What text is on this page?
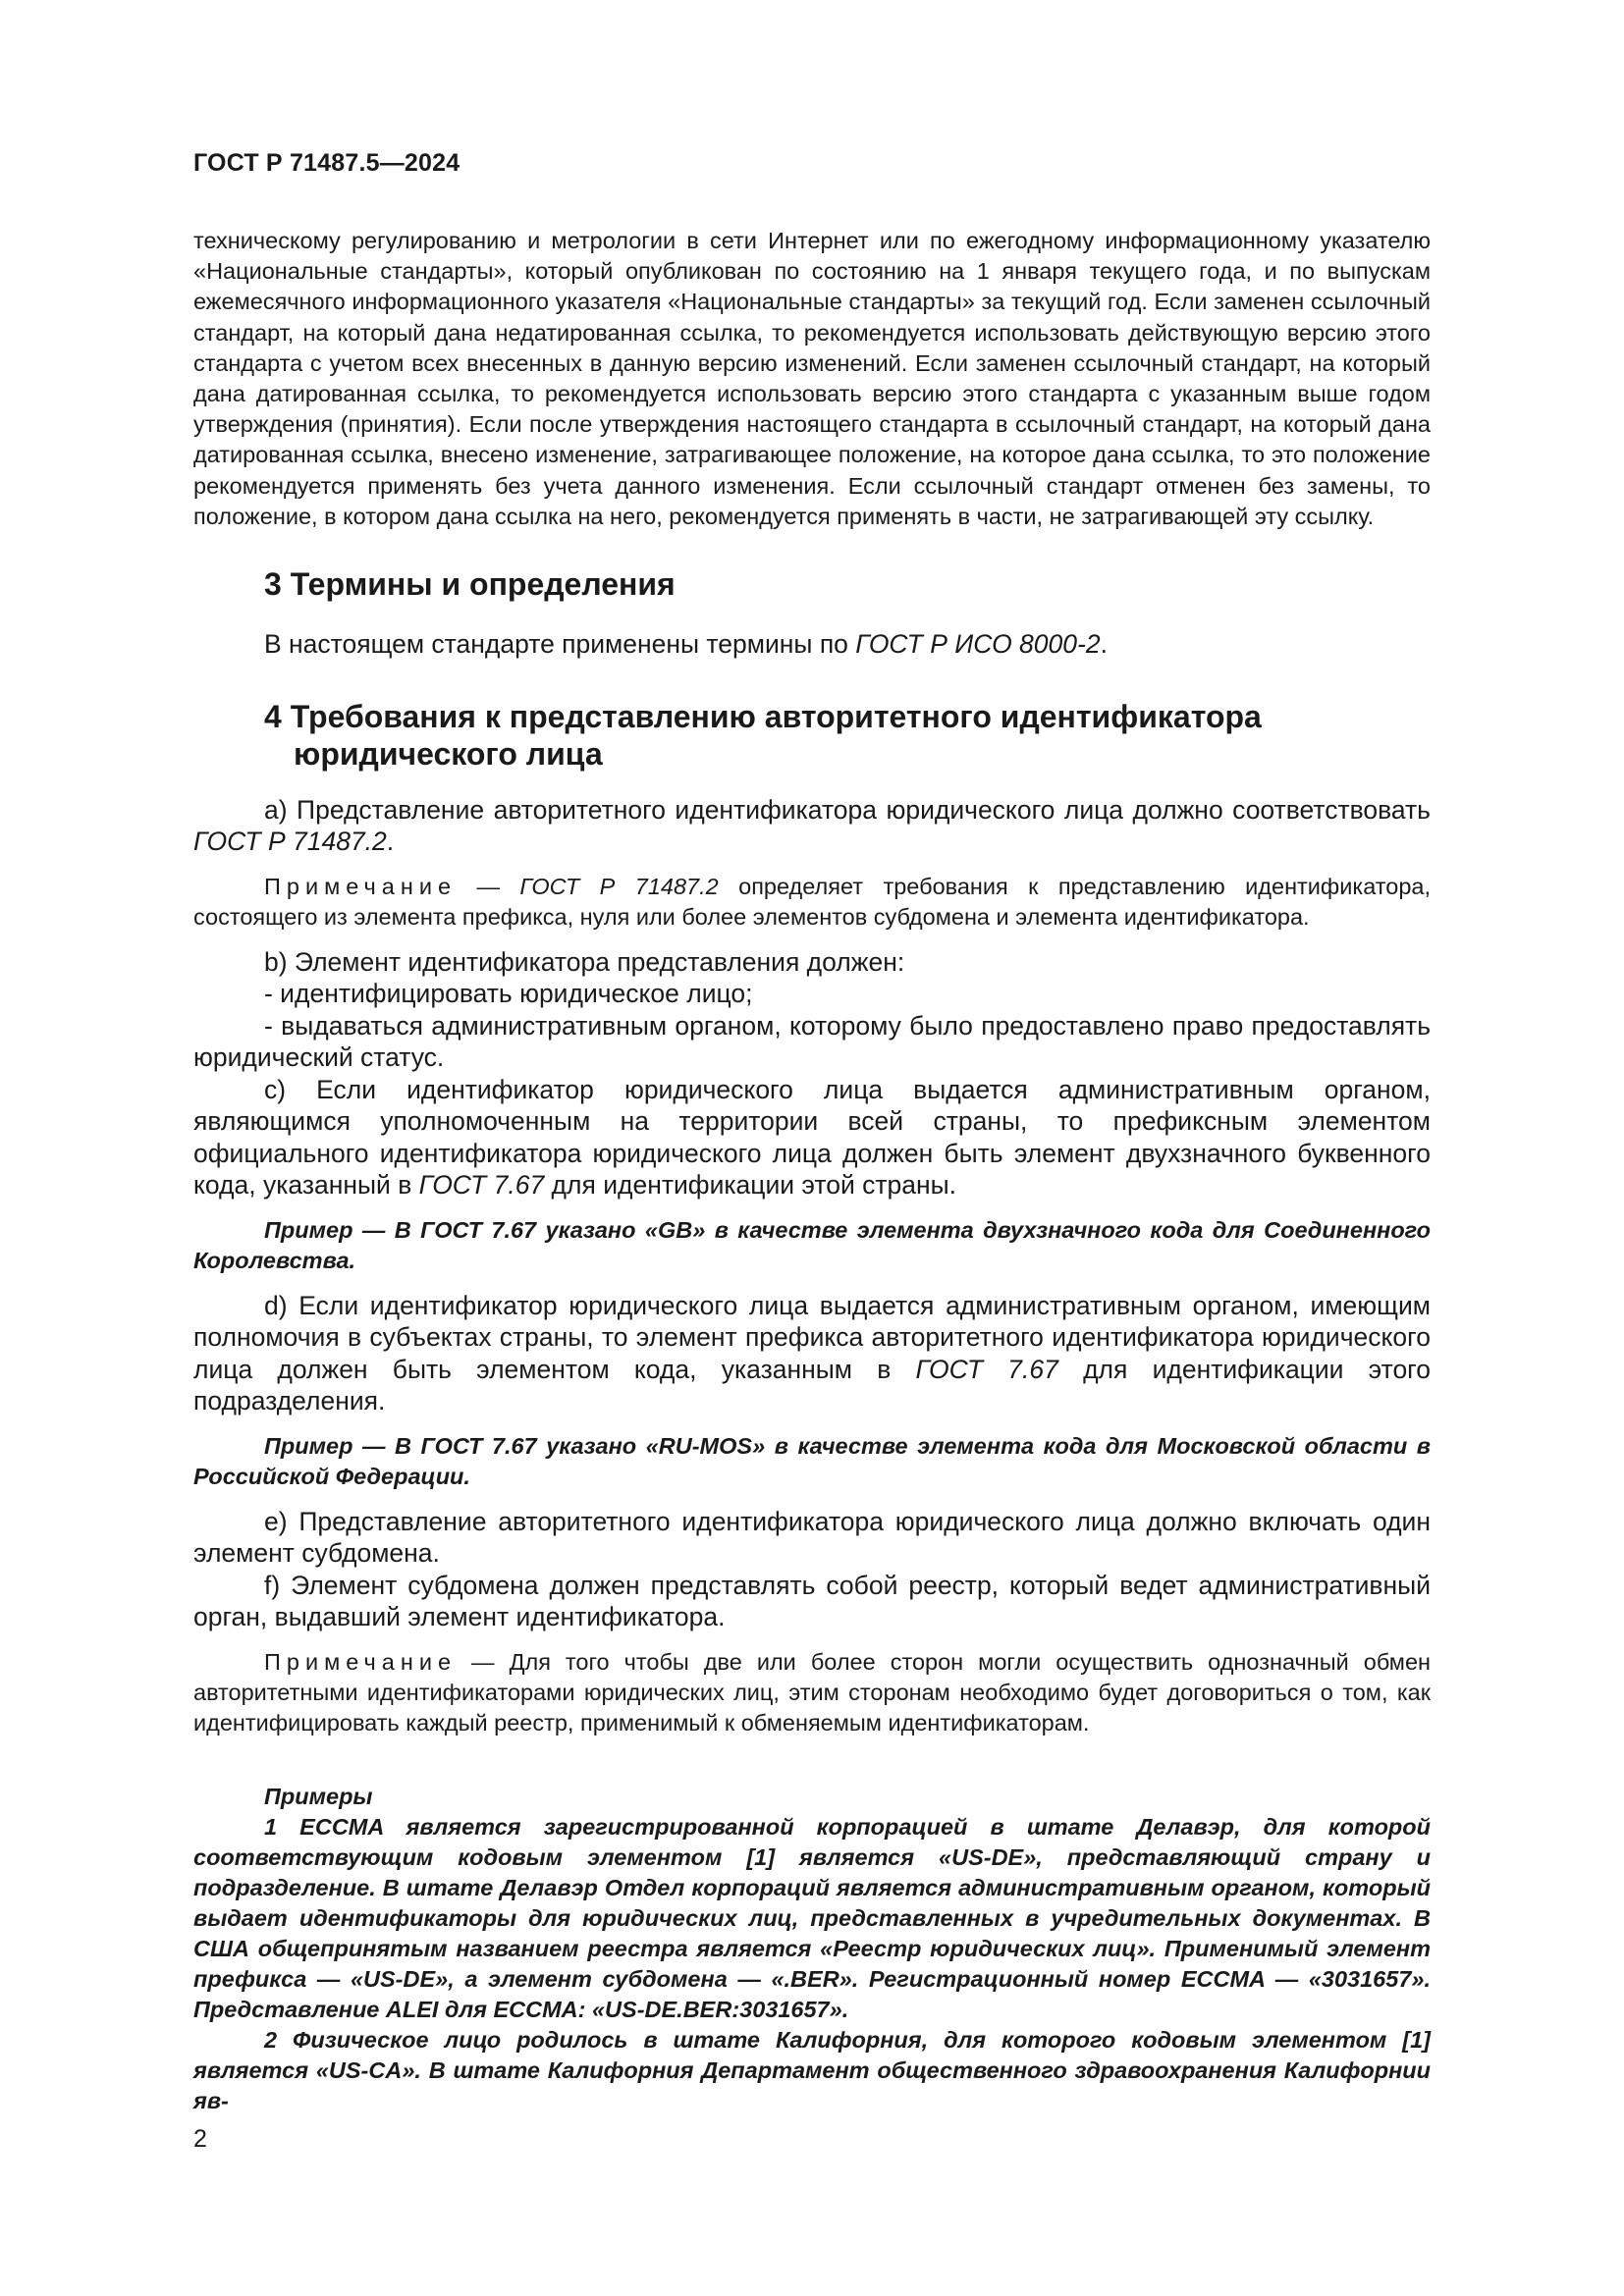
ГОСТ Р 71487.5—2024

техническому регулированию и метрологии в сети Интернет или по ежегодному информационному указателю «Национальные стандарты», который опубликован по состоянию на 1 января текущего года, и по выпускам ежемесячного информационного указателя «Национальные стандарты» за текущий год. Если заменен ссылочный стандарт, на который дана недатированная ссылка, то рекомендуется использовать действующую версию этого стандарта с учетом всех внесенных в данную версию изменений. Если заменен ссылочный стандарт, на который дана датированная ссылка, то рекомендуется использовать версию этого стандарта с указанным выше годом утверждения (принятия). Если после утверждения настоящего стандарта в ссылочный стандарт, на который дана датированная ссылка, внесено изменение, затрагивающее положение, на которое дана ссылка, то это положение рекомендуется применять без учета данного изменения. Если ссылочный стандарт отменен без замены, то положение, в котором дана ссылка на него, рекомендуется применять в части, не затрагивающей эту ссылку.

3 Термины и определения

В настоящем стандарте применены термины по ГОСТ Р ИСО 8000-2.

4 Требования к представлению авторитетного идентификатора
юридического лица

а) Представление авторитетного идентификатора юридического лица должно соответствовать ГОСТ Р 71487.2.

Примечание — ГОСТ Р 71487.2 определяет требования к представлению идентификатора, состоящего из элемента префикса, нуля или более элементов субдомена и элемента идентификатора.

b) Элемент идентификатора представления должен:

- идентифицировать юридическое лицо;

- выдаваться административным органом, которому было предоставлено право предоставлять юридический статус.

c) Если идентификатор юридического лица выдается административным органом, являющимся уполномоченным на территории всей страны, то префиксным элементом официального идентификатора юридического лица должен быть элемент двухзначного буквенного кода, указанный в ГОСТ 7.67 для идентификации этой страны.

Пример — В ГОСТ 7.67 указано «GB» в качестве элемента двухзначного кода для Соединенного Королевства.

d) Если идентификатор юридического лица выдается административным органом, имеющим полномочия в субъектах страны, то элемент префикса авторитетного идентификатора юридического лица должен быть элементом кода, указанным в ГОСТ 7.67 для идентификации этого подразделения.

Пример — В ГОСТ 7.67 указано «RU-MOS» в качестве элемента кода для Московской области в Российской Федерации.

e) Представление авторитетного идентификатора юридического лица должно включать один элемент субдомена.

f) Элемент субдомена должен представлять собой реестр, который ведет административный орган, выдавший элемент идентификатора.

Примечание — Для того чтобы две или более сторон могли осуществить однозначный обмен авторитетными идентификаторами юридических лиц, этим сторонам необходимо будет договориться о том, как идентифицировать каждый реестр, применимый к обменяемым идентификаторам.

Примеры

1 ECCMA является зарегистрированной корпорацией в штате Делавэр, для которой соответствующим кодовым элементом [1] является «US-DE», представляющий страну и подразделение. В штате Делавэр Отдел корпораций является административным органом, который выдает идентификаторы для юридических лиц, представленных в учредительных документах. В США общепринятым названием реестра является «Реестр юридических лиц». Применимый элемент префикса — «US-DE», а элемент субдомена — «.BER». Регистрационный номер ECCMA — «3031657». Представление ALEI для ECCMA: «US-DE.BER:3031657».

2 Физическое лицо родилось в штате Калифорния, для которого кодовым элементом [1] является «US-CA». В штате Калифорния Департамент общественного здравоохранения Калифорнии яв-

2
